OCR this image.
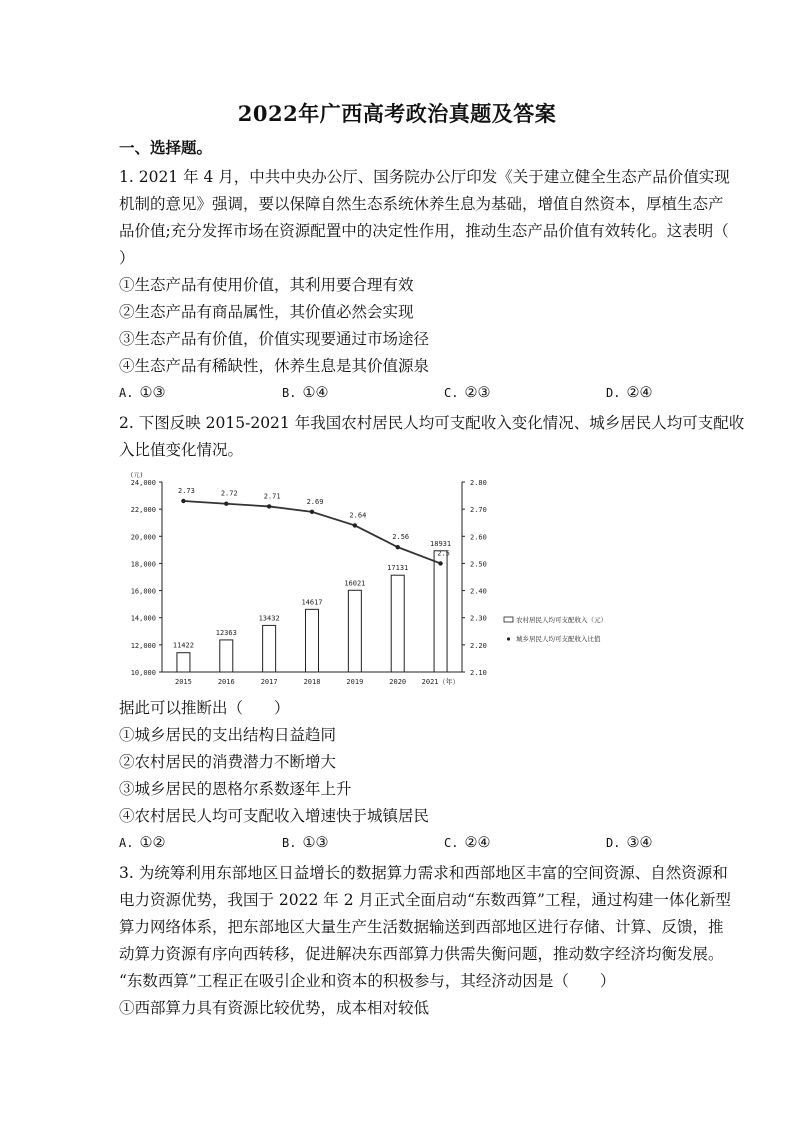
2022年广西高考政治真题及答案
一、选择题。
1. 2021 年 4 月，中共中央办公厅、国务院办公厅印发《关于建立健全生态产品价值实现
机制的意见》强调，要以保障自然生态系统休养生息为基础，增值自然资本，厚植生态产
品价值;充分发挥市场在资源配置中的决定性作用，推动生态产品价值有效转化。这表明（
）
①生态产品有使用价值，其利用要合理有效
②生态产品有商品属性，其价值必然会实现
③生态产品有价值，价值实现要通过市场途径
④生态产品有稀缺性，休养生息是其价值源泉
A. ①③	B. ①④	C. ②③	D. ②④
2. 下图反映 2015-2021 年我国农村居民人均可支配收入变化情况、城乡居民人均可支配收
入比值变化情况。
(元)
10,000
12,000
14,000
16,000
18,000
20,000
22,000
24,000
2.10
2.20
2.30
2.40
2.50
2.60
2.70
2.80
11422
2015
12363
2016
13432
2017
14617
2018
16021
2019
17131
2020
18931
2021（年）
2.73	2.72	2.71
2.69
2.64
2.56
2.5
农村居民人均可支配收入（元）
城乡居民人均可支配收入比值
据此可以推断出（　　）
①城乡居民的支出结构日益趋同
②农村居民的消费潜力不断增大
③城乡居民的恩格尔系数逐年上升
④农村居民人均可支配收入增速快于城镇居民
A. ①②	B. ①③	C. ②④	D. ③④
3. 为统筹利用东部地区日益增长的数据算力需求和西部地区丰富的空间资源、自然资源和
电力资源优势，我国于 2022 年 2 月正式全面启动“东数西算”工程，通过构建一体化新型
算力网络体系，把东部地区大量生产生活数据输送到西部地区进行存储、计算、反馈，推
动算力资源有序向西转移，促进解决东西部算力供需失衡问题，推动数字经济均衡发展。
“东数西算”工程正在吸引企业和资本的积极参与，其经济动因是（　　）
①西部算力具有资源比较优势，成本相对较低
